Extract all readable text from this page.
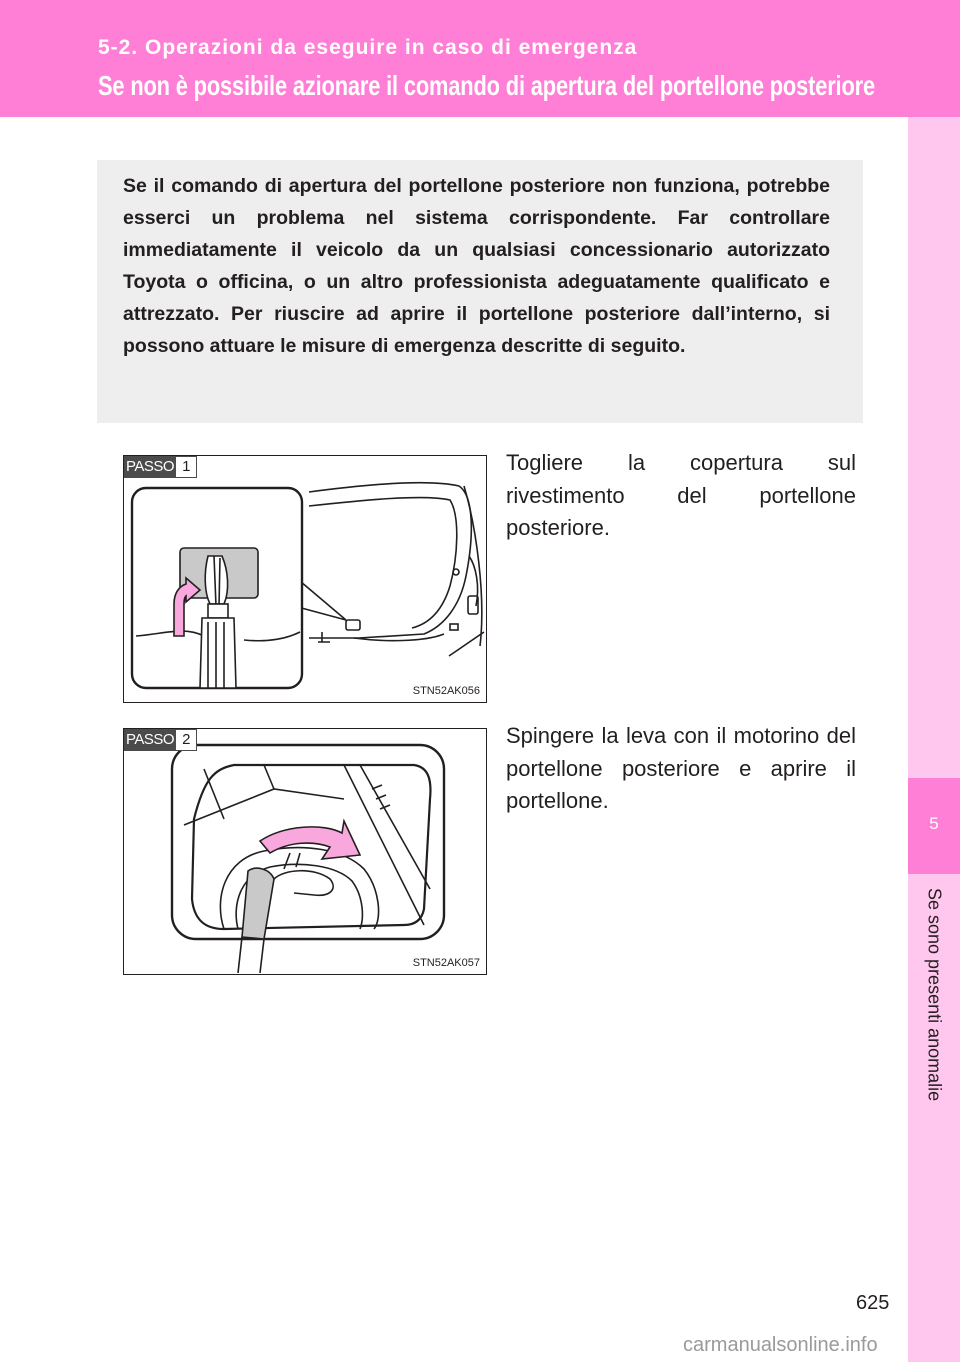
5-2. Operazioni da eseguire in caso di emergenza
Se non è possibile azionare il comando di apertura del portellone posteriore
5
Se sono presenti anomalie

Se il comando di apertura del portellone posteriore non funziona, potrebbe esserci un problema nel sistema corrispondente. Far controllare immediatamente il veicolo da un qualsiasi concessionario autorizzato Toyota o officina, o un altro professionista adeguatamente qualificato e attrezzato. Per riuscire ad aprire il portellone posteriore dall’interno, si possono attuare le misure di emergenza descritte di seguito.

PASSO 1
STN52AK056

Togliere la copertura sul rivestimento del portellone posteriore.

PASSO 2
STN52AK057

Spingere la leva con il motorino del portellone posteriore e aprire il portellone.

625
carmanualsonline.info
